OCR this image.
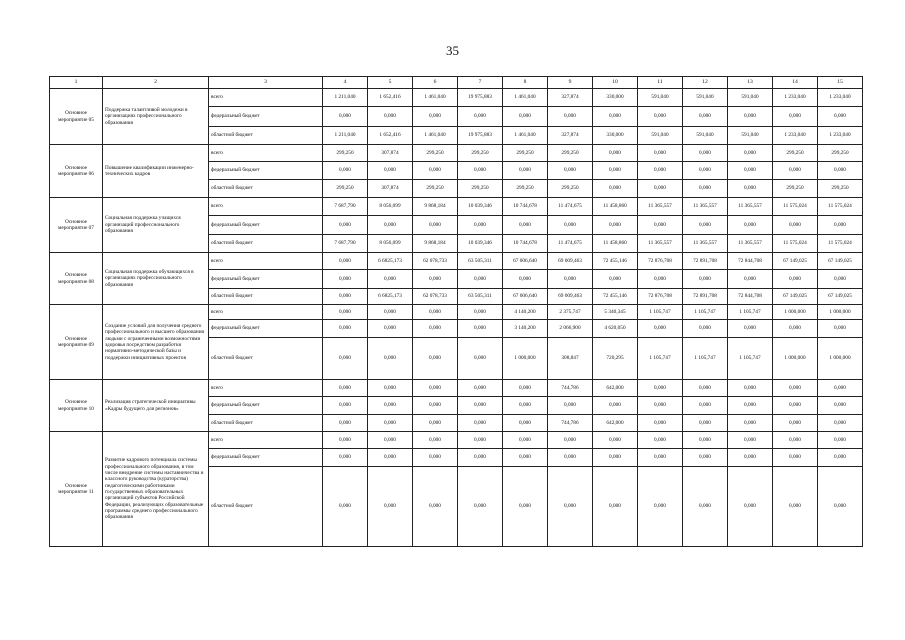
35
1	2	3	4	5	6	7	8	9	10	11	12	13	14	15
Основное мероприятие 05	Поддержка талантливой молодежи в организациях профессионального образования	всего	1 211,040	1 652,416	1 461,040	19 975,883	1 461,040	327,874	330,000	591,040	591,040	591,040	1 233,040	1 233,040
		федеральный бюджет	0,000	0,000	0,000	0,000	0,000	0,000	0,000	0,000	0,000	0,000	0,000	0,000
		областной бюджет	1 211,040	1 652,416	1 461,040	19 975,883	1 461,040	327,874	330,000	591,040	591,040	591,040	1 233,040	1 233,040
Основное мероприятие 06	Повышение квалификации инженерно- технических кадров	всего	299,250	307,874	299,250	299,250	299,250	299,250	0,000	0,000	0,000	0,000	299,250	299,250
		федеральный бюджет	0,000	0,000	0,000	0,000	0,000	0,000	0,000	0,000	0,000	0,000	0,000	0,000
		областной бюджет	299,250	307,874	299,250	299,250	299,250	299,250	0,000	0,000	0,000	0,000	299,250	299,250
Основное мероприятие 07	Социальная поддержка учащихся организаций профессионального образования	всего	7 687,790	8 056,099	9 868,184	10 039,346	10 744,678	11 474,675	11 458,860	11 365,557	11 365,557	11 365,557	11 575,024	11 575,024
		федеральный бюджет	0,000	0,000	0,000	0,000	0,000	0,000	0,000	0,000	0,000	0,000	0,000	0,000
		областной бюджет	7 687,790	8 056,099	9 868,184	10 039,346	10 744,678	11 474,675	11 458,860	11 365,557	11 365,557	11 365,557	11 575,024	11 575,024
Основное мероприятие 08	Социальная поддержка обучающихся в организациях профессионального образования	всего	0,000	6 6825,173	62 078,733	63 505,311	67 006,640	69 009,463	72 455,146	72 876,708	72 891,708	72 844,708	67 149,025	67 149,025
		федеральный бюджет	0,000	0,000	0,000	0,000	0,000	0,000	0,000	0,000	0,000	0,000	0,000	0,000
		областной бюджет	0,000	6 6825,173	62 078,733	63 505,311	67 006,640	69 009,463	72 455,146	72 876,708	72 891,708	72 844,708	67 149,025	67 149,025
Основное мероприятие 09	Создание условий для получения среднего профессионального и высшего образования людьми с ограниченными возможностями здоровья посредством разработки нормативно-методической базы и поддержки инициативных проектов	всего	0,000	0,000	0,000	0,000	4 140,200	2 375,747	5 340,345	1 105,747	1 105,747	1 105,747	1 000,000	1 000,000
		федеральный бюджет	0,000	0,000	0,000	0,000	3 140,200	2 066,900	4 620,050	0,000	0,000	0,000	0,000	0,000
		областной бюджет	0,000	0,000	0,000	0,000	1 000,000	308,847	720,295	1 105,747	1 105,747	1 105,747	1 000,000	1 000,000
Основное мероприятие 10	Реализация стратегической инициативы «Кадры будущего для регионов»	всего	0,000	0,000	0,000	0,000	0,000	744,786	642,000	0,000	0,000	0,000	0,000	0,000
		федеральный бюджет	0,000	0,000	0,000	0,000	0,000	0,000	0,000	0,000	0,000	0,000	0,000	0,000
		областной бюджет	0,000	0,000	0,000	0,000	0,000	744,786	642,000	0,000	0,000	0,000	0,000	0,000
Основное мероприятие 11	Развитие кадрового потенциала системы профессионального образования, в том числе внедрение системы наставничества и классного руководства (кураторства) педагогическими работниками государственных образовательных организаций субъектов Российской Федерации, реализующих образовательные программы среднего профессионального образования	всего	0,000	0,000	0,000	0,000	0,000	0,000	0,000	0,000	0,000	0,000	0,000	0,000
		федеральный бюджет	0,000	0,000	0,000	0,000	0,000	0,000	0,000	0,000	0,000	0,000	0,000	0,000
		областной бюджет	0,000	0,000	0,000	0,000	0,000	0,000	0,000	0,000	0,000	0,000	0,000	0,000
